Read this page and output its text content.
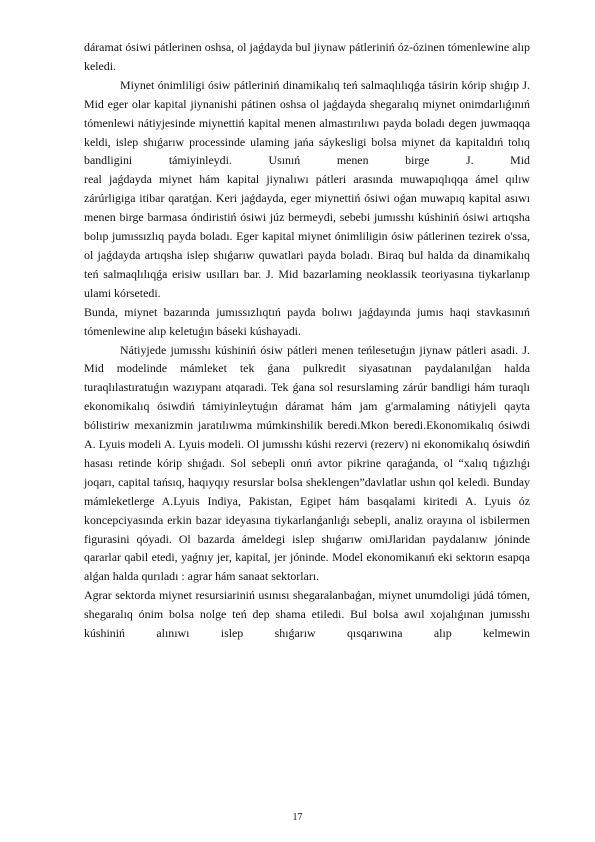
dáramat ósiwi pátlerinen oshsa, ol jaǵdayda bul jiynaw pátleriniń óz-ózinen tómenlewine alıp

keledi.

Miynet ónimliligi ósiw pátleriniń dinamikalıq teń salmaqlılıqǵa tásirin kórip shıǵıp J. Mid eger olar kapital jiynanishi pátinen oshsa ol jaǵdayda shegaralıq miynet onimdarlıǵınıń tómenlewi nátiyjesinde miynettiń kapital menen almastırılıwı payda boladı degen juwmaqqa keldi, islep shıǵarıw processinde ulaming jańa sáykesligi bolsa miynet da kapitaldıń tolıq bandligini támiyinleydi. Usınıń menen birge J. Mid

real jaǵdayda miynet hám kapital jiynalıwı pátleri arasında muwapıqlıqqa ámel qılıw zárúrligiga itibar qaratǵan. Keri jaǵdayda, eger miynettiń ósiwi oǵan muwapıq kapital asıwı menen birge barmasa óndiristiń ósiwi júz bermeydi, sebebi jumısshı kúshiniń ósiwi artıqsha bolıp jumıssızlıq payda boladı. Eger kapital miynet ónimliligin ósiw pátlerinen tezirek o'ssa, ol jaǵdayda artıqsha islep shıǵarıw quwatlari payda boladı. Biraq bul halda da dinamikalıq teń salmaqlılıqǵa erisiw usılları bar. J. Mid bazarlaming neoklassik teoriyasına tiykarlanıp ulami kórsetedi.

Bunda, miynet bazarında jumıssızlıqtıń payda bolıwı jaǵdayında jumıs haqi stavkasınıń tómenlewine alıp keletuǵın báseki kúshayadi.

Nátiyjede jumısshı kúshiniń ósiw pátleri menen teńlesetuǵın jiynaw pátleri asadi. J. Mid modelinde mámleket tek ǵana pulkredit siyasatınan paydalanılǵan halda turaqlılastıratuǵın wazıypanı atqaradi. Tek ǵana sol resurslaming zárúr bandligi hám turaqlı ekonomikalıq ósiwdiń támiyinleytuǵın dáramat hám jam g'armalaming nátiyjeli qayta bólistiriw mexanizmin jaratılıwma múmkinshilik beredi.Mkon beredi.Ekonomikalıq ósiwdi A. Lyuis modeli A. Lyuis modeli. Ol jumısshı kúshi rezervi (rezerv) ni ekonomikalıq ósiwdiń hasası retinde kórip shıǵadı. Sol sebepli onıń avtor pikrine qaraǵanda, ol “xalıq tıǵızlıǵı joqarı, capital tańsıq, haqıyqıy resurslar bolsa sheklengen”davlatlar ushın qol keledi. Bunday mámleketlerge A.Lyuis Indiya, Pakistan, Egipet hám basqalami kiritedi A. Lyuis óz koncepciyasında erkin bazar ideyasına tiykarlanǵanlıǵı sebepli, analiz orayına ol isbilermen figurasini qóyadi. Ol bazarda ámeldegi islep shıǵarıw omiJlaridan paydalanıw jóninde qararlar qabil etedi, yaǵnıy jer, kapital, jer jóninde. Model ekonomikanıń eki sektorın esapqa alǵan halda qurıladı : agrar hám sanaat sektorları.

Agrar sektorda miynet resursiariniń usınısı shegaralanbaǵan, miynet unumdoligi júdá tómen, shegaralıq ónim bolsa nolge teń dep shama etiledi. Bul bolsa awıl xojalıǵınan jumısshı kúshiniń alınıwı islep shıǵarıw qısqarıwına alıp kelmewin

17
